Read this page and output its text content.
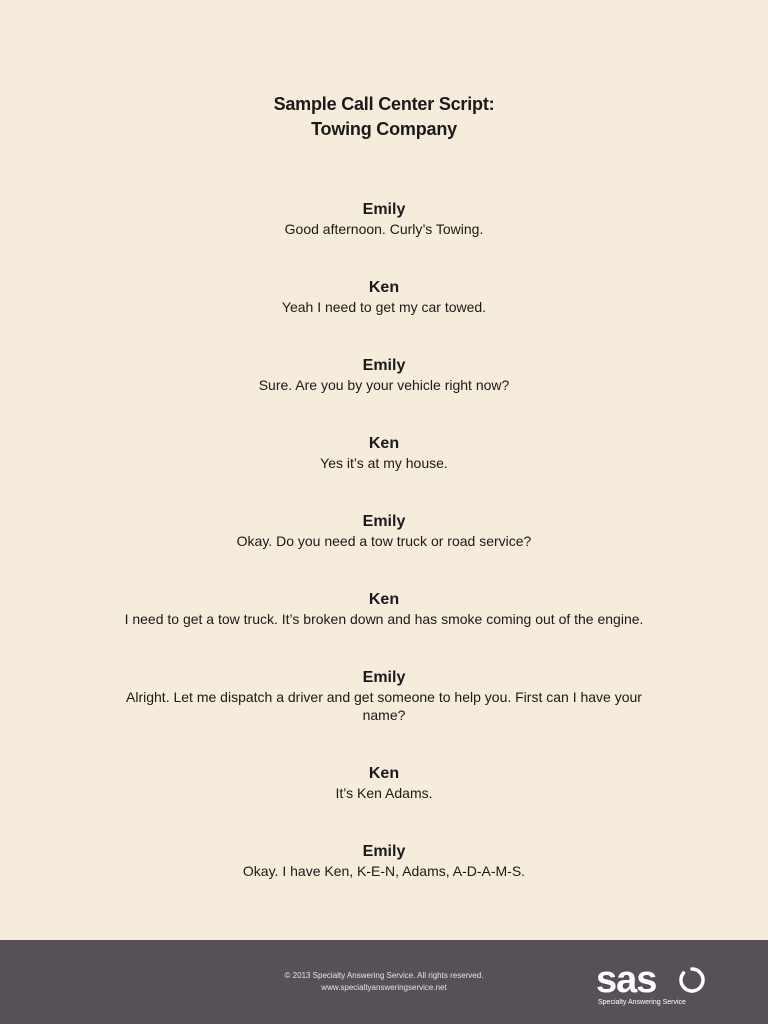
Sample Call Center Script:
Towing Company
Emily
Good afternoon. Curly’s Towing.
Ken
Yeah I need to get my car towed.
Emily
Sure. Are you by your vehicle right now?
Ken
Yes it’s at my house.
Emily
Okay. Do you need a tow truck or road service?
Ken
I need to get a tow truck. It’s broken down and has smoke coming out of the engine.
Emily
Alright. Let me dispatch a driver and get someone to help you. First can I have your name?
Ken
It’s Ken Adams.
Emily
Okay. I have Ken, K-E-N, Adams, A-D-A-M-S.
© 2013 Specialty Answering Service. All rights reserved.
www.specialtyansweringservice.net	sas
Specialty Answering Service
